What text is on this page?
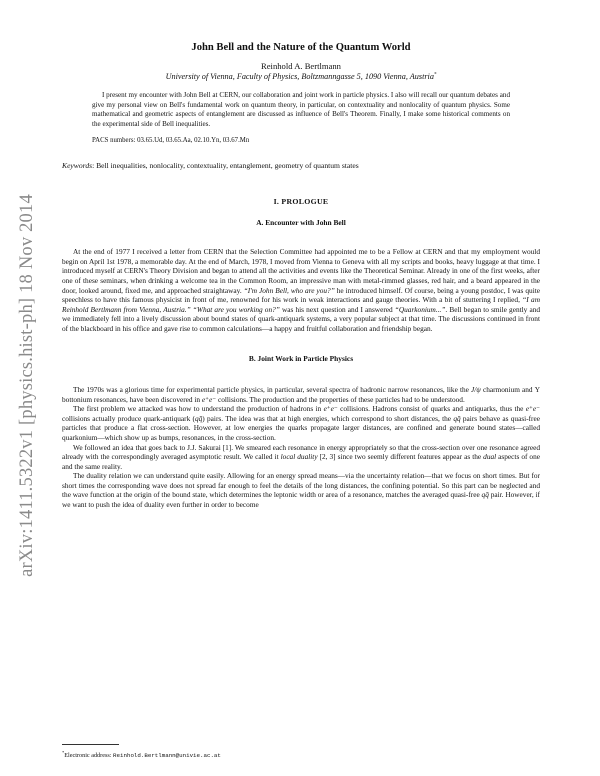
arXiv:1411.5322v1 [physics.hist-ph] 18 Nov 2014
John Bell and the Nature of the Quantum World
Reinhold A. Bertlmann
University of Vienna, Faculty of Physics, Boltzmanngasse 5, 1090 Vienna, Austria*

I present my encounter with John Bell at CERN, our collaboration and joint work in particle physics. I also will recall our quantum debates and give my personal view on Bell's fundamental work on quantum theory, in particular, on contextuality and nonlocality of quantum physics. Some mathematical and geometric aspects of entanglement are discussed as influence of Bell's Theorem. Finally, I make some historical comments on the experimental side of Bell inequalities.

PACS numbers: 03.65.Ud, 03.65.Aa, 02.10.Yn, 03.67.Mn
Keywords: Bell inequalities, nonlocality, contextuality, entanglement, geometry of quantum states
I. PROLOGUE
A. Encounter with John Bell

At the end of 1977 I received a letter from CERN that the Selection Committee had appointed me to be a Fellow at CERN and that my employment would begin on April 1st 1978, a memorable day. At the end of March, 1978, I moved from Vienna to Geneva with all my scripts and books, heavy luggage at that time. I introduced myself at CERN's Theory Division and began to attend all the activities and events like the Theoretical Seminar. Already in one of the first weeks, after one of these seminars, when drinking a welcome tea in the Common Room, an impressive man with metal-rimmed glasses, red hair, and a beard appeared in the door, looked around, fixed me, and approached straightaway. “I'm John Bell, who are you?” he introduced himself. Of course, being a young postdoc, I was quite speechless to have this famous physicist in front of me, renowned for his work in weak interactions and gauge theories. With a bit of stuttering I replied, “I am Reinhold Bertlmann from Vienna, Austria.” “What are you working on?” was his next question and I answered “Quarkonium...”. Bell began to smile gently and we immediately fell into a lively discussion about bound states of quark-antiquark systems, a very popular subject at that time. The discussions continued in front of the blackboard in his office and gave rise to common calculations—a happy and fruitful collaboration and friendship began.

B. Joint Work in Particle Physics

The 1970s was a glorious time for experimental particle physics, in particular, several spectra of hadronic narrow resonances, like the J/ψ charmonium and Υ bottonium resonances, have been discovered in e⁺e⁻ collisions. The production and the properties of these particles had to be understood.

The first problem we attacked was how to understand the production of hadrons in e⁺e⁻ collisions. Hadrons consist of quarks and antiquarks, thus the e⁺e⁻ collisions actually produce quark-antiquark (qq̄) pairs. The idea was that at high energies, which correspond to short distances, the qq̄ pairs behave as quasi-free particles that produce a flat cross-section. However, at low energies the quarks propagate larger distances, are confined and generate bound states—called quarkonium—which show up as bumps, resonances, in the cross-section.

We followed an idea that goes back to J.J. Sakurai [1]. We smeared each resonance in energy appropriately so that the cross-section over one resonance agreed already with the correspondingly averaged asymptotic result. We called it local duality [2, 3] since two seemly different features appear as the dual aspects of one and the same reality.

The duality relation we can understand quite easily. Allowing for an energy spread means—via the uncertainty relation—that we focus on short times. But for short times the corresponding wave does not spread far enough to feel the details of the long distances, the confining potential. So this part can be neglected and the wave function at the origin of the bound state, which determines the leptonic width or area of a resonance, matches the averaged quasi-free qq̄ pair. However, if we want to push the idea of duality even further in order to become

*Electronic address: Reinhold.Bertlmann@univie.ac.at
